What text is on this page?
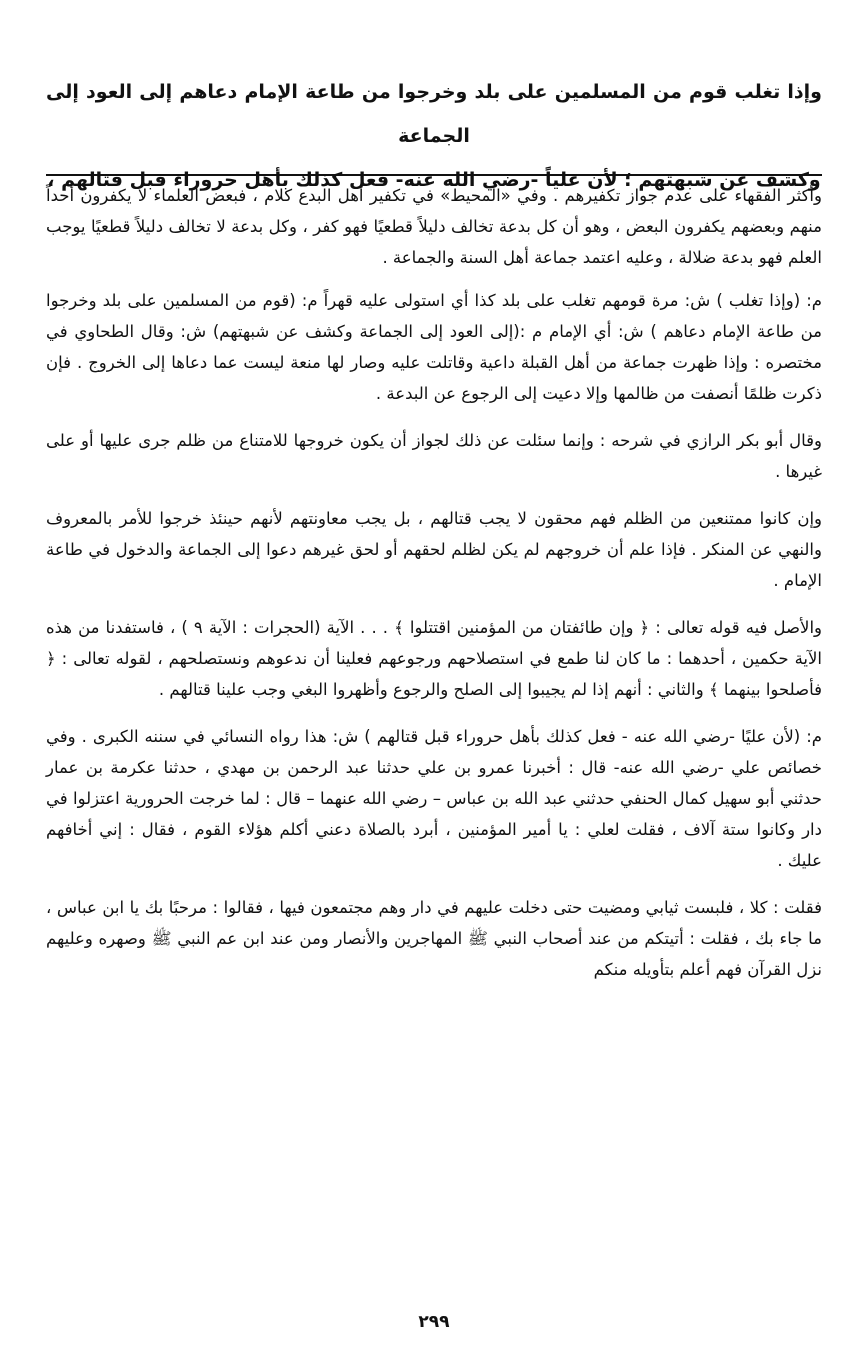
وإذا تغلب قوم من المسلمين على بلد وخرجوا من طاعة الإمام دعاهم إلى العود إلى الجماعة

وكشف عن شبهتهم ؛ لأن علياً -رضي الله عنه- فعل كذلك بأهل حروراء قبل قتالهم ،

وأكثر الفقهاء على عدم جواز تكفيرهم . وفي «المحيط» في تكفير أهل البدع كلام ، فبعض العلماء لا يكفرون أحداً منهم وبعضهم يكفرون البعض ، وهو أن كل بدعة تخالف دليلاً قطعيًا فهو كفر ، وكل بدعة لا تخالف دليلاً قطعيًا يوجب العلم فهو بدعة ضلالة ، وعليه اعتمد جماعة أهل السنة والجماعة .

م: (وإذا تغلب ) ش: مرة قومهم تغلب على بلد كذا أي استولى عليه قهراً م: (قوم من المسلمين على بلد وخرجوا من طاعة الإمام دعاهم ) ش: أي الإمام م :(إلى العود إلى الجماعة وكشف عن شبهتهم) ش: وقال الطحاوي في مختصره : وإذا ظهرت جماعة من أهل القبلة داعية وقاتلت عليه وصار لها منعة ليست عما دعاها إلى الخروج . فإن ذكرت ظلمًا أنصفت من ظالمها وإلا دعيت إلى الرجوع عن البدعة .

وقال أبو بكر الرازي في شرحه : وإنما سئلت عن ذلك لجواز أن يكون خروجها للامتناع من ظلم جرى عليها أو على غيرها .

وإن كانوا ممتنعين من الظلم فهم محقون لا يجب قتالهم ، بل يجب معاونتهم لأنهم حينئذ خرجوا للأمر بالمعروف والنهي عن المنكر . فإذا علم أن خروجهم لم يكن لظلم لحقهم أو لحق غيرهم دعوا إلى الجماعة والدخول في طاعة الإمام .

والأصل فيه قوله تعالى : ﴿ وإن طائفتان من المؤمنين اقتتلوا ﴾ . . . الآية (الحجرات : الآية ٩ ) ، فاستفدنا من هذه الآية حكمين ، أحدهما : ما كان لنا طمع في استصلاحهم ورجوعهم فعلينا أن ندعوهم ونستصلحهم ، لقوله تعالى : ﴿ فأصلحوا بينهما ﴾ والثاني : أنهم إذا لم يجيبوا إلى الصلح والرجوع وأظهروا البغي وجب علينا قتالهم .

م: (لأن عليًا -رضي الله عنه - فعل كذلك بأهل حروراء قبل قتالهم ) ش: هذا رواه النسائي في سننه الكبرى . وفي خصائص علي -رضي الله عنه- قال : أخبرنا عمرو بن علي حدثنا عبد الرحمن بن مهدي ، حدثنا عكرمة بن عمار حدثني أبو سهيل كمال الحنفي حدثني عبد الله بن عباس – رضي الله عنهما – قال : لما خرجت الحرورية اعتزلوا في دار وكانوا ستة آلاف ، فقلت لعلي : يا أمير المؤمنين ، أبرد بالصلاة دعني أكلم هؤلاء القوم ، فقال : إني أخافهم عليك .

فقلت : كلا ، فلبست ثيابي ومضيت حتى دخلت عليهم في دار وهم مجتمعون فيها ، فقالوا : مرحبًا بك يا ابن عباس ، ما جاء بك ، فقلت : أتيتكم من عند أصحاب النبي ﷺ المهاجرين والأنصار ومن عند ابن عم النبي ﷺ وصهره وعليهم نزل القرآن فهم أعلم بتأويله منكم

٢٩٩
